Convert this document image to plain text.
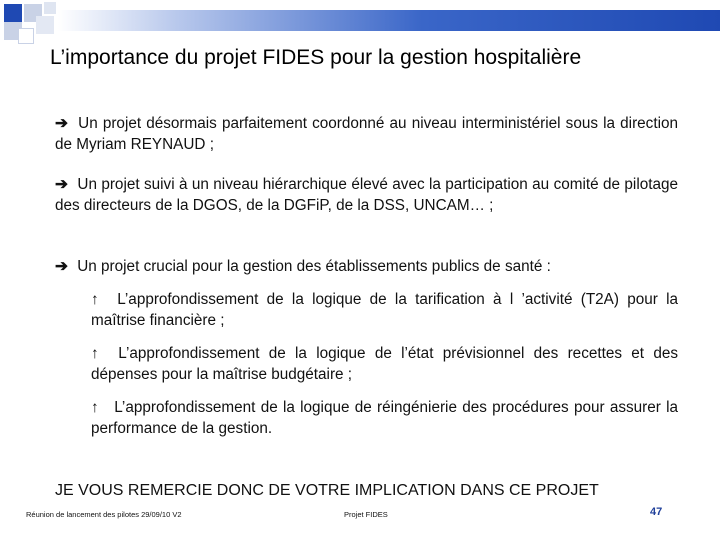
L’importance du projet FIDES pour la gestion hospitalière
➔ Un projet désormais parfaitement coordonné au niveau interministériel sous la direction de Myriam REYNAUD ;
➔ Un projet suivi à un niveau hiérarchique élevé avec la participation au comité de pilotage des directeurs de la DGOS, de la DGFiP, de la DSS, UNCAM… ;
➔ Un projet crucial pour la gestion des établissements publics de santé :
↑ L’approfondissement de la logique de la tarification à l ’activité (T2A) pour la maîtrise financière ;
↑ L’approfondissement de la logique de l’état prévisionnel des recettes et des dépenses pour la maîtrise budgétaire ;
↑ L’approfondissement de la logique de réingénierie des procédures pour assurer la performance de la gestion.
JE VOUS REMERCIE DONC DE VOTRE IMPLICATION DANS CE PROJET
Réunion de lancement des pilotes 29/09/10 V2	Projet FIDES	47
